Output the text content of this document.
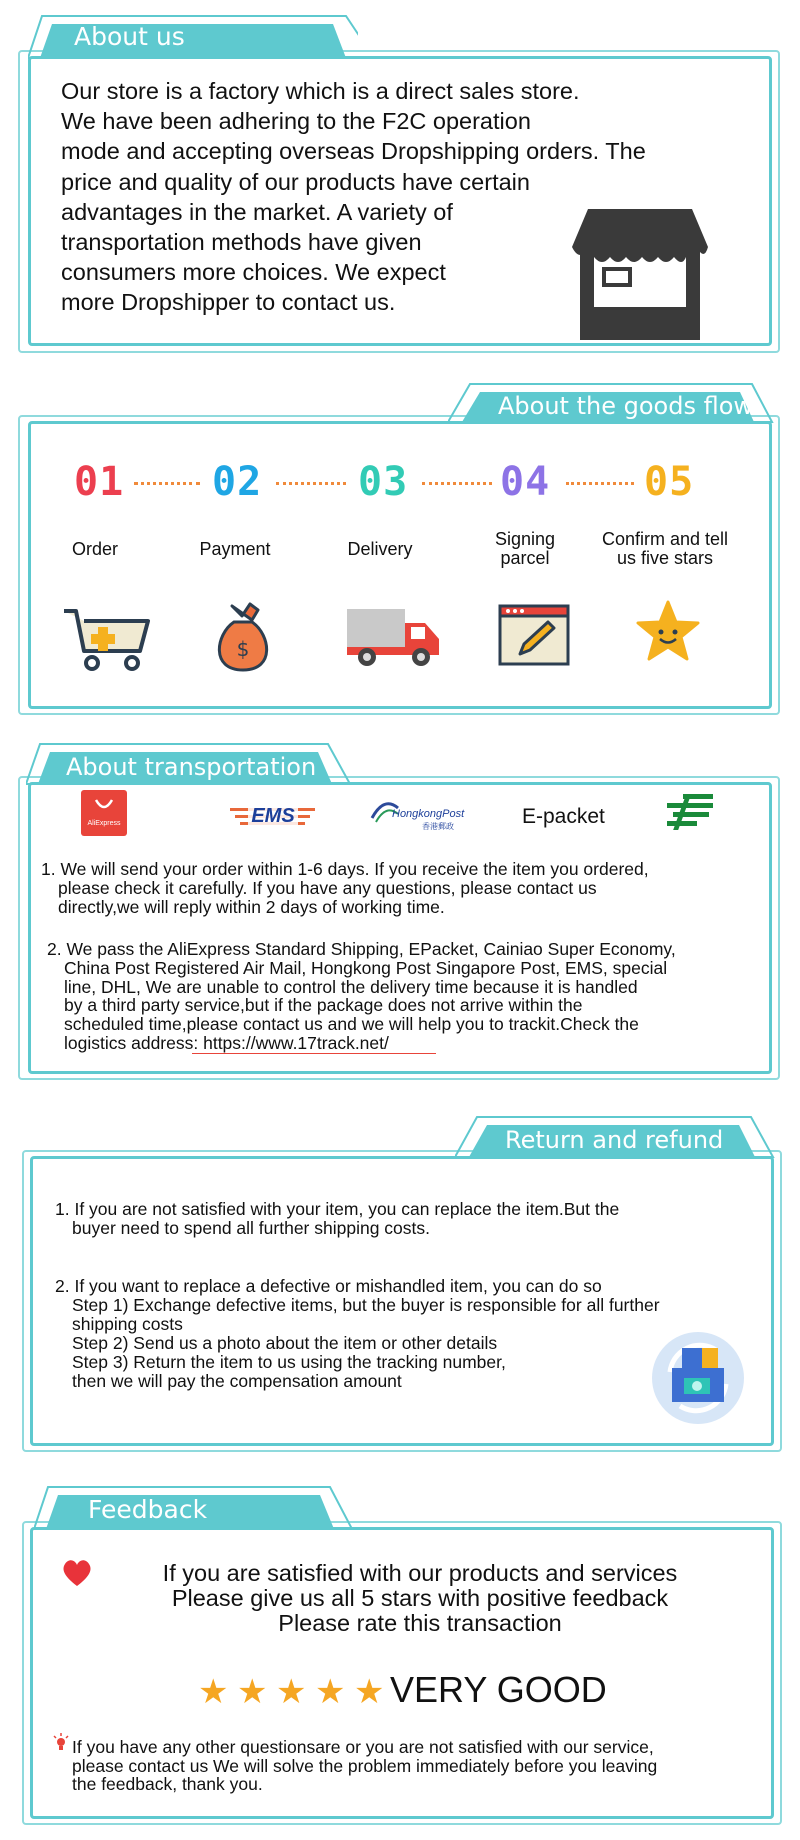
About us
Our store is a factory which is a direct sales store.
We have been adhering to the F2C operation
mode and accepting overseas Dropshipping orders. The
price and quality of our products have certain
advantages in the market. A variety of
transportation methods have given
consumers more choices. We expect
more Dropshipper to contact us.
About the goods flow
01 02 03 04 05
Order	Payment	Delivery	Signing
parcel
Confirm and tell
us five stars
$
About transportation
AliExpress	EMS	HongkongPost
香港郵政	E-packet
1. We will send your order within 1-6 days. If you receive the item you ordered,
please check it carefully. If you have any questions, please contact us
directly,we will reply within 2 days of working time.
2. We pass the AliExpress Standard Shipping, EPacket, Cainiao Super Economy,
China Post Registered Air Mail, Hongkong Post Singapore Post, EMS, special
line, DHL, We are unable to control the delivery time because it is handled
by a third party service,but if the package does not arrive within the
scheduled time,please contact us and we will help you to trackit.Check the
logistics address: https://www.17track.net/
Return and refund
1. If you are not satisfied with your item, you can replace the item.But the
buyer need to spend all further shipping costs.
2. If you want to replace a defective or mishandled item, you can do so
Step 1) Exchange defective items, but the buyer is responsible for all further
shipping costs
Step 2) Send us a photo about the item or other details
Step 3) Return the item to us using the tracking number,
then we will pay the compensation amount
Feedback
If you are satisfied with our products and services
Please give us all 5 stars with positive feedback
Please rate this transaction
★ ★ ★ ★ ★ VERY GOOD
If you have any other questionsare or you are not satisfied with our service,
please contact us We will solve the problem immediately before you leaving
the feedback, thank you.
